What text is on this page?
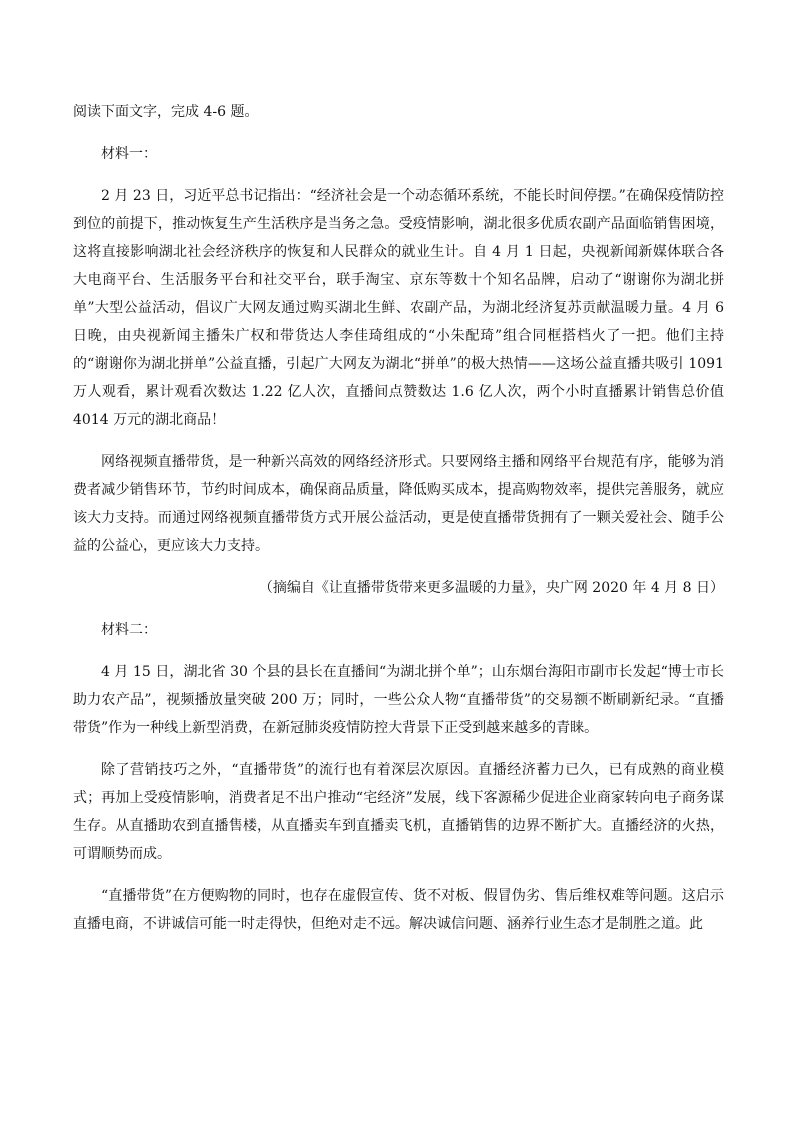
阅读下面文字，完成 4-6 题。

材料一：

2 月 23 日，习近平总书记指出：“经济社会是一个动态循环系统，不能长时间停摆。”在确保疫情防控到位的前提下，推动恢复生产生活秩序是当务之急。受疫情影响，湖北很多优质农副产品面临销售困境，这将直接影响湖北社会经济秩序的恢复和人民群众的就业生计。自 4 月 1 日起，央视新闻新媒体联合各大电商平台、生活服务平台和社交平台，联手淘宝、京东等数十个知名品牌，启动了“谢谢你为湖北拼单”大型公益活动，倡议广大网友通过购买湖北生鲜、农副产品，为湖北经济复苏贡献温暖力量。4 月 6 日晚，由央视新闻主播朱广权和带货达人李佳琦组成的“小朱配琦”组合同框搭档火了一把。他们主持的“谢谢你为湖北拼单”公益直播，引起广大网友为湖北“拼单”的极大热情——这场公益直播共吸引 1091 万人观看，累计观看次数达 1.22 亿人次，直播间点赞数达 1.6 亿人次，两个小时直播累计销售总价值 4014 万元的湖北商品！

网络视频直播带货，是一种新兴高效的网络经济形式。只要网络主播和网络平台规范有序，能够为消费者减少销售环节，节约时间成本，确保商品质量，降低购买成本，提高购物效率，提供完善服务，就应该大力支持。而通过网络视频直播带货方式开展公益活动，更是使直播带货拥有了一颗关爱社会、随手公益的公益心，更应该大力支持。

（摘编自《让直播带货带来更多温暖的力量》，央广网 2020 年 4 月 8 日）

材料二：

4 月 15 日，湖北省 30 个县的县长在直播间“为湖北拼个单”；山东烟台海阳市副市长发起“博士市长助力农产品”，视频播放量突破 200 万；同时，一些公众人物“直播带货”的交易额不断刷新纪录。“直播带货”作为一种线上新型消费，在新冠肺炎疫情防控大背景下正受到越来越多的青睐。

除了营销技巧之外，“直播带货”的流行也有着深层次原因。直播经济蓄力已久，已有成熟的商业模式；再加上受疫情影响，消费者足不出户推动“宅经济”发展，线下客源稀少促进企业商家转向电子商务谋生存。从直播助农到直播售楼，从直播卖车到直播卖飞机，直播销售的边界不断扩大。直播经济的火热，可谓顺势而成。

“直播带货”在方便购物的同时，也存在虚假宣传、货不对板、假冒伪劣、售后维权难等问题。这启示直播电商，不讲诚信可能一时走得快，但绝对走不远。解决诚信问题、涵养行业生态才是制胜之道。此
